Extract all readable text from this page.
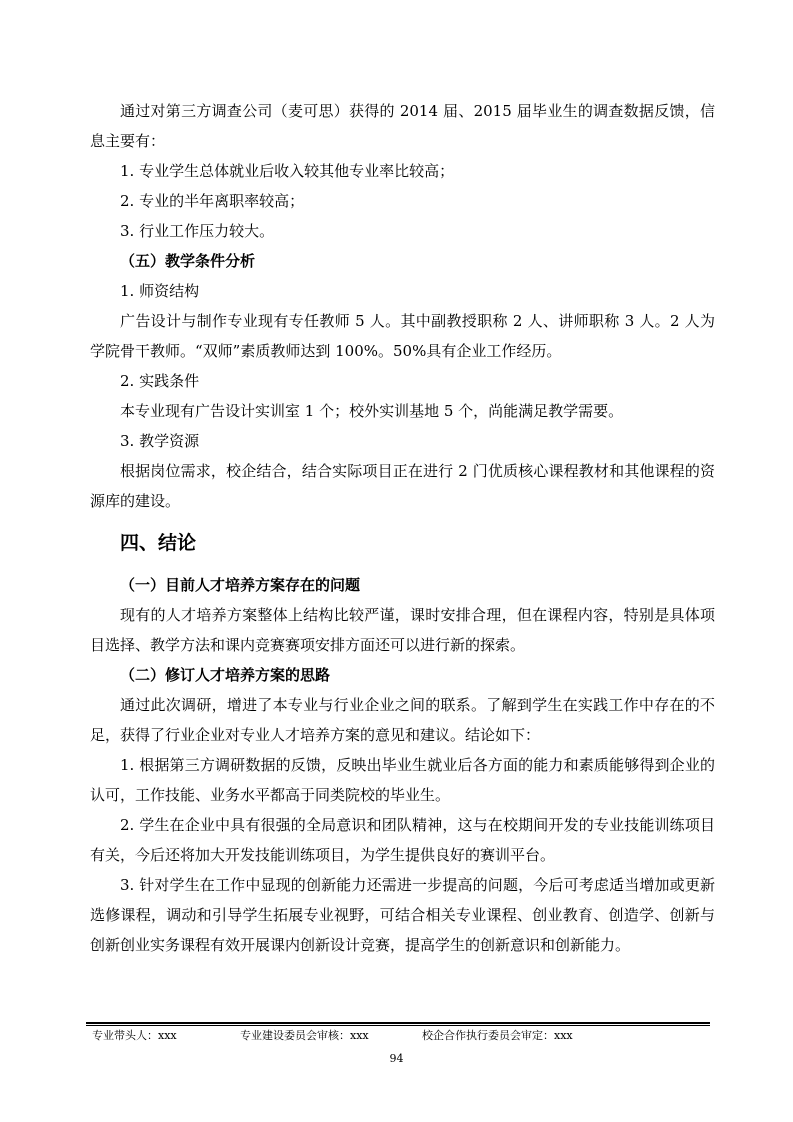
通过对第三方调查公司（麦可思）获得的 2014 届、2015 届毕业生的调查数据反馈，信息主要有：

1. 专业学生总体就业后收入较其他专业率比较高；

2. 专业的半年离职率较高；

3. 行业工作压力较大。

（五）教学条件分析

1. 师资结构

广告设计与制作专业现有专任教师 5 人。其中副教授职称 2 人、讲师职称 3 人。2 人为学院骨干教师。“双师”素质教师达到 100%。50%具有企业工作经历。

2. 实践条件

本专业现有广告设计实训室 1 个；校外实训基地 5 个，尚能满足教学需要。

3. 教学资源

根据岗位需求，校企结合，结合实际项目正在进行 2 门优质核心课程教材和其他课程的资源库的建设。

四、结论

（一）目前人才培养方案存在的问题

现有的人才培养方案整体上结构比较严谨，课时安排合理，但在课程内容，特别是具体项目选择、教学方法和课内竞赛赛项安排方面还可以进行新的探索。

（二）修订人才培养方案的思路

通过此次调研，增进了本专业与行业企业之间的联系。了解到学生在实践工作中存在的不足，获得了行业企业对专业人才培养方案的意见和建议。结论如下：

1. 根据第三方调研数据的反馈，反映出毕业生就业后各方面的能力和素质能够得到企业的认可，工作技能、业务水平都高于同类院校的毕业生。

2. 学生在企业中具有很强的全局意识和团队精神，这与在校期间开发的专业技能训练项目有关，今后还将加大开发技能训练项目，为学生提供良好的赛训平台。

3. 针对学生在工作中显现的创新能力还需进一步提高的问题，今后可考虑适当增加或更新选修课程，调动和引导学生拓展专业视野，可结合相关专业课程、创业教育、创造学、创新与创新创业实务课程有效开展课内创新设计竞赛，提高学生的创新意识和创新能力。

专业带头人：xxx	专业建设委员会审核：xxx	校企合作执行委员会审定：xxx
94
